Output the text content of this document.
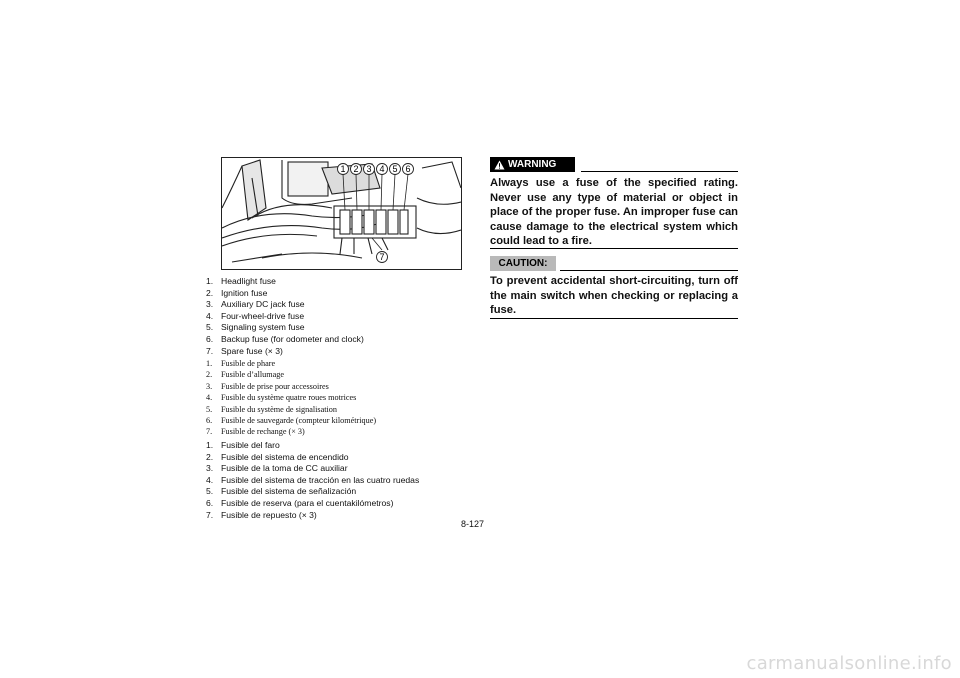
1 2 3 4 5 6
7
1. Headlight fuse
2. Ignition fuse
3. Auxiliary DC jack fuse
4. Four-wheel-drive fuse
5. Signaling system fuse
6. Backup fuse (for odometer and clock)
7. Spare fuse (× 3)
1.	Fusible de phare
2.	Fusible d’allumage
3.	Fusible de prise pour accessoires
4.	Fusible du système quatre roues motrices
5.	Fusible du système de signalisation
6.	Fusible de sauvegarde (compteur kilométrique)
7.	Fusible de rechange (× 3)
1. Fusible del faro
2. Fusible del sistema de encendido
3. Fusible de la toma de CC auxiliar
4. Fusible del sistema de tracción en las cuatro ruedas
5. Fusible del sistema de señalización
6. Fusible de reserva (para el cuentakilómetros)
7. Fusible de repuesto (× 3)
WARNING
Always use a fuse of the specified rating. Never use any type of material or object in place of the proper fuse. An improper fuse can cause damage to the electrical system which could lead to a fire.
CAUTION:
To prevent accidental short-circuiting, turn off the main switch when checking or replacing a fuse.
8-127
carmanualsonline.info
